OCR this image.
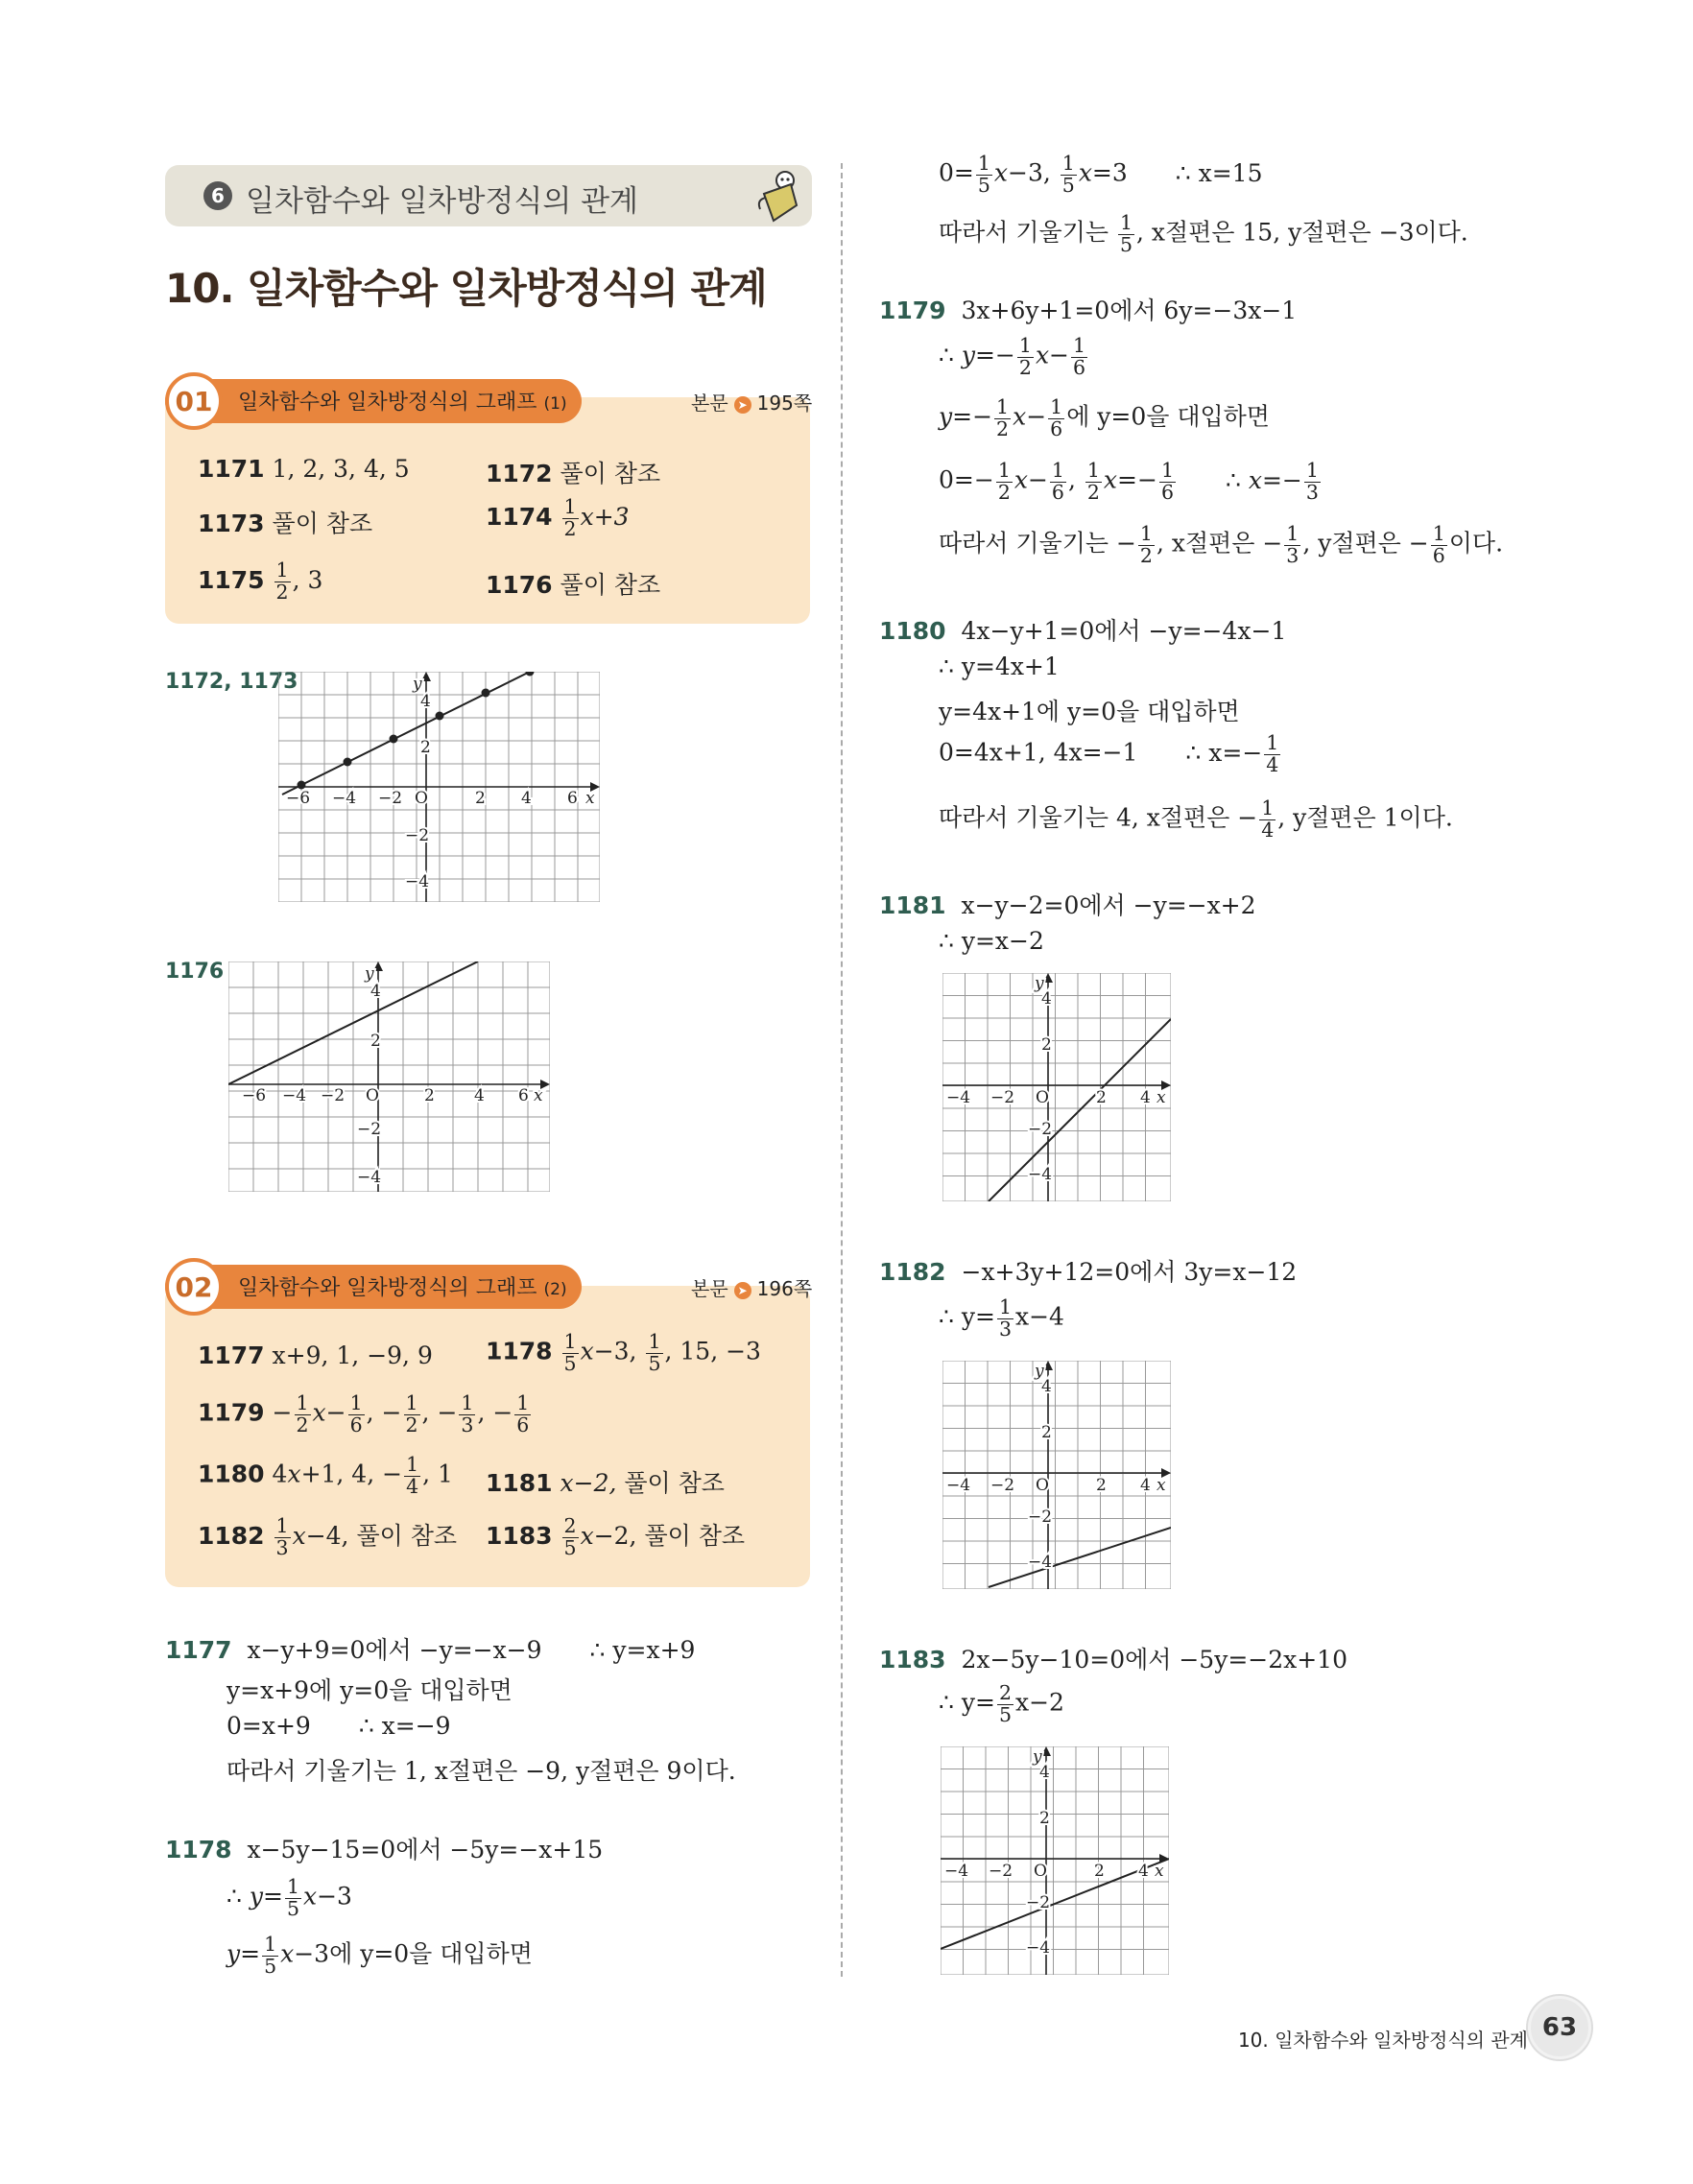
6 일차함수와 일차방정식의 관계
10. 일차함수와 일차방정식의 관계
01	일차함수와 일차방정식의 그래프 (1)	본문 ➤ 195쪽
1171 1, 2, 3, 4, 5	1172 풀이 참조
1173 풀이 참조	$1174 \frac{1}{2} x+3$
$1175 \frac{1}{2}$ , 3	1176 풀이 참조
1172, 1173
−6 −4 −2 O	2 4 6 x
y
4
2
−2
−4
1176
−6 −4 −2 O	2 4 6 x
y
4
2
−2
−4
02	일차함수와 일차방정식의 그래프 (2)	본문 ➤ 196쪽
1177 x+9, 1, −9, 9 $1178 \frac{1}{5} x-3$, $\frac{1}{5}$ , 15, −3
$1179 - \frac{1}{2} x- \frac{1}{6}$ , − $\frac{1}{2}$ , − $\frac{1}{3}$ , − $\frac{1}{6}$
1180 4x+1, 4, − $\frac{1}{4}$ , 1 1181 x−2, 풀이 참조
$1182 \frac{1}{3} x-4$, 풀이 참조 $1183 \frac{2}{5} x-2$, 풀이 참조
1177 x−y+9=0에서 −y=−x−9 ∴ y=x+9
y=x+9에 y=0을 대입하면
0=x+9 ∴ x=−9
따라서 기울기는 1, x절편은 −9, y절편은 9이다.
1178 x−5y−15=0에서 −5y=−x+15
∴ $y= \frac{1}{5} x-3$
$y= \frac{1}{5} x-3$에 y=0을 대입하면
$0= \frac{1}{5} x-3$, $\frac{1}{5} x=3$ ∴ x=15
따라서 기울기는 $\frac{1}{5}$ , x절편은 15, y절편은 −3이다.
1179 3x+6y+1=0에서 6y=−3x−1
∴ $y=- \frac{1}{2} x- \frac{1}{6}$
$y=- \frac{1}{2} x- \frac{1}{6}$ 에 y=0을 대입하면
$0=- \frac{1}{2} x- \frac{1}{6}$ , $\frac{1}{2} x=- \frac{1}{6}$ ∴ $x=- \frac{1}{3}$
따라서 기울기는 − $\frac{1}{2}$ , x절편은 − $\frac{1}{3}$ , y절편은 − $\frac{1}{6}$ 이다.
1180 4x−y+1=0에서 −y=−4x−1
∴ y=4x+1
y=4x+1에 y=0을 대입하면
0=4x+1, 4x=−1 ∴ $x=- \frac{1}{4}$
따라서 기울기는 4, x절편은 − $\frac{1}{4}$ , y절편은 1이다.
1181 x−y−2=0에서 −y=−x+2
∴ y=x−2
−4 −2 O	2 4 x
y
4
2
−2
−4
1182 −x+3y+12=0에서 3y=x−12
∴ $y= \frac{1}{3} x-4$
−4 −2 O	2 4 x
y
4
2
−2
−4
1183 2x−5y−10=0에서 −5y=−2x+10
∴ $y= \frac{2}{5} x-2$
−4 −2 O	2 4 x
y
4
2
−2
−4
10. 일차함수와 일차방정식의 관계 63
